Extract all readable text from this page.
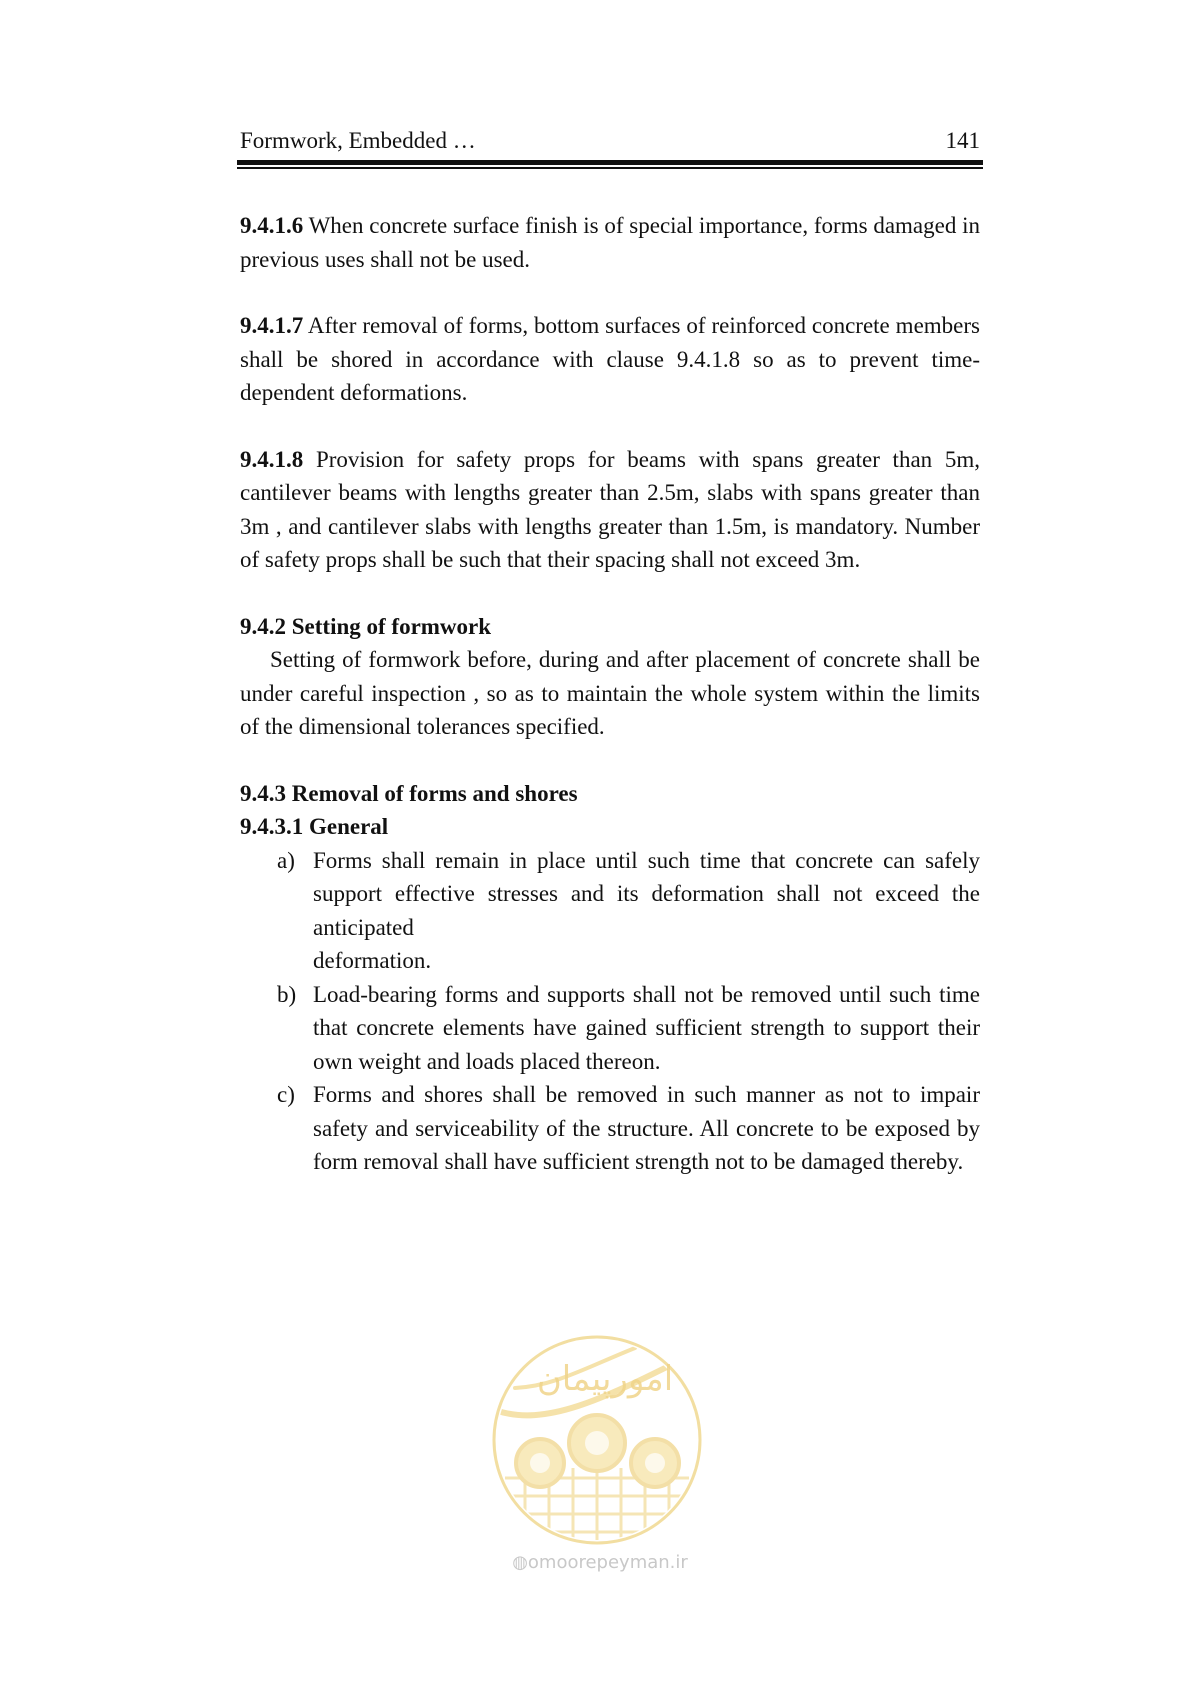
Formwork, Embedded …	141

9.4.1.6 When concrete surface finish is of special importance, forms damaged in previous uses shall not be used.

9.4.1.7 After removal of forms, bottom surfaces of reinforced concrete members shall be shored in accordance with clause 9.4.1.8 so as to prevent time-dependent deformations.

9.4.1.8 Provision for safety props for beams with spans greater than 5m, cantilever beams with lengths greater than 2.5m, slabs with spans greater than 3m , and cantilever slabs with lengths greater than 1.5m, is mandatory. Number of safety props shall be such that their spacing shall not exceed 3m.

9.4.2 Setting of formwork

Setting of formwork before, during and after placement of concrete shall be under careful inspection , so as to maintain the whole system within the limits of the dimensional tolerances specified.

9.4.3 Removal of forms and shores

9.4.3.1 General

a) Forms shall remain in place until such time that concrete can safely support effective stresses and its deformation shall not exceed the anticipated
deformation.
b) Load-bearing forms and supports shall not be removed until such time that concrete elements have gained sufficient strength to support their own weight and loads placed thereon.
c) Forms and shores shall be removed in such manner as not to impair safety and serviceability of the structure. All concrete to be exposed by form removal shall have sufficient strength not to be damaged thereby.
امورپیمان
◍omoorepeyman.ir
